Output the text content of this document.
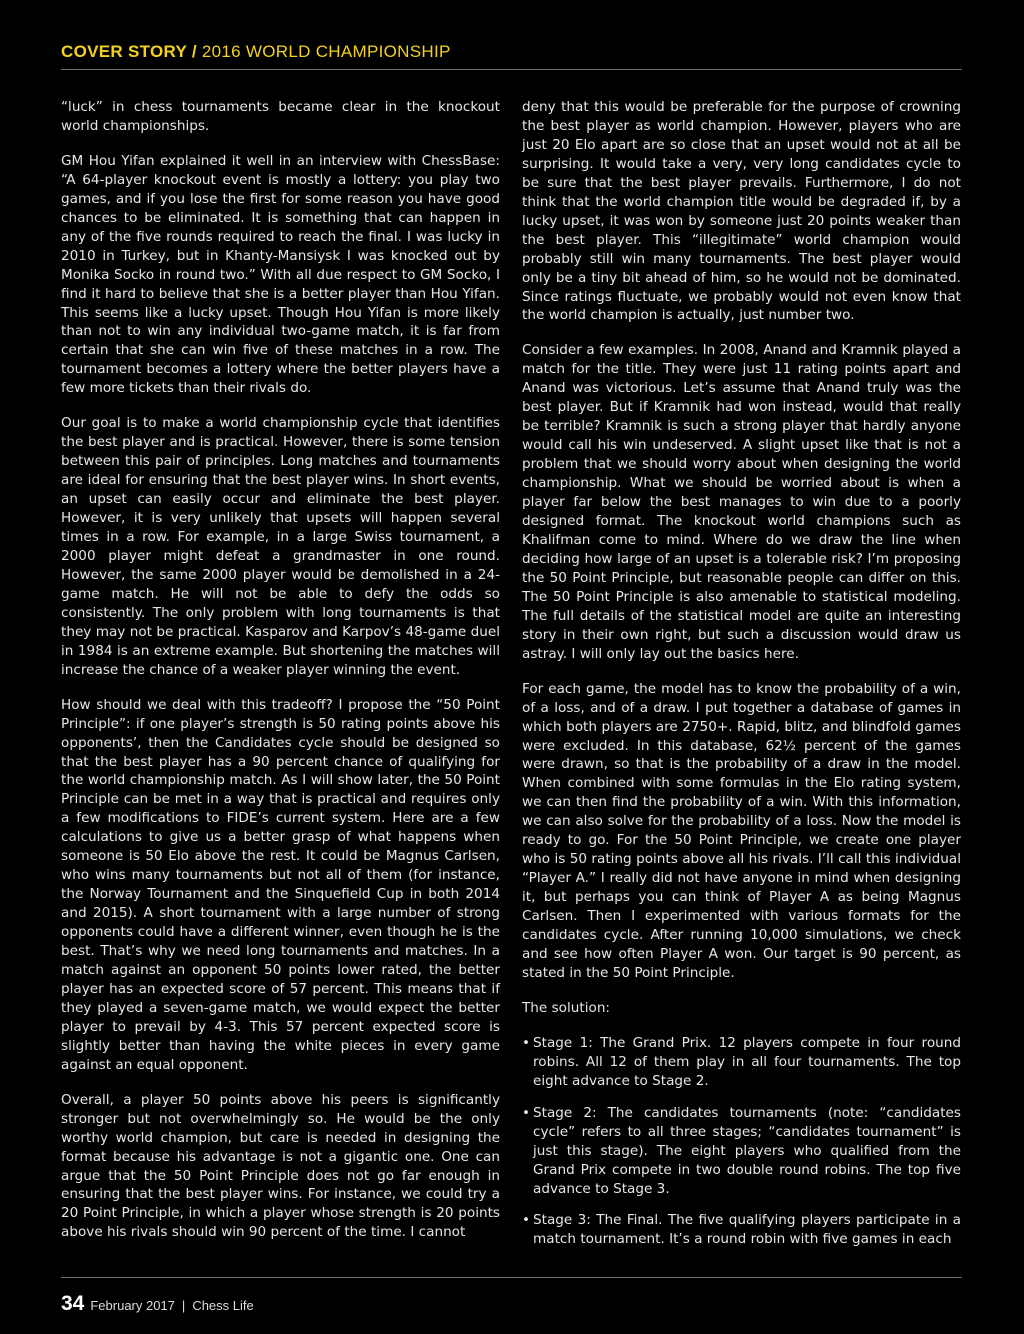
COVER STORY / 2016 WORLD CHAMPIONSHIP

“luck” in chess tournaments became clear in the knockout world championships.

GM Hou Yifan explained it well in an interview with ChessBase: “A 64-player knockout event is mostly a lottery: you play two games, and if you lose the first for some reason you have good chances to be eliminated. It is something that can happen in any of the five rounds required to reach the final. I was lucky in 2010 in Turkey, but in Khanty-Mansiysk I was knocked out by Monika Socko in round two.” With all due respect to GM Socko, I find it hard to believe that she is a better player than Hou Yifan. This seems like a lucky upset. Though Hou Yifan is more likely than not to win any individual two-game match, it is far from certain that she can win five of these matches in a row. The tournament becomes a lottery where the better players have a few more tickets than their rivals do.

Our goal is to make a world championship cycle that identifies the best player and is practical. However, there is some tension between this pair of principles. Long matches and tournaments are ideal for ensuring that the best player wins. In short events, an upset can easily occur and eliminate the best player. However, it is very unlikely that upsets will happen several times in a row. For example, in a large Swiss tournament, a 2000 player might defeat a grandmaster in one round. However, the same 2000 player would be demolished in a 24-game match. He will not be able to defy the odds so consistently. The only problem with long tournaments is that they may not be practical. Kasparov and Karpov’s 48-game duel in 1984 is an extreme example. But shortening the matches will increase the chance of a weaker player winning the event.

How should we deal with this tradeoff? I propose the “50 Point Principle”: if one player’s strength is 50 rating points above his opponents’, then the Candidates cycle should be designed so that the best player has a 90 percent chance of qualifying for the world championship match. As I will show later, the 50 Point Principle can be met in a way that is practical and requires only a few modifications to FIDE’s current system. Here are a few calculations to give us a better grasp of what happens when someone is 50 Elo above the rest. It could be Magnus Carlsen, who wins many tournaments but not all of them (for instance, the Norway Tournament and the Sinquefield Cup in both 2014 and 2015). A short tournament with a large number of strong opponents could have a different winner, even though he is the best. That’s why we need long tournaments and matches. In a match against an opponent 50 points lower rated, the better player has an expected score of 57 percent. This means that if they played a seven-game match, we would expect the better player to prevail by 4-3. This 57 percent expected score is slightly better than having the white pieces in every game against an equal opponent.

Overall, a player 50 points above his peers is significantly stronger but not overwhelmingly so. He would be the only worthy world champion, but care is needed in designing the format because his advantage is not a gigantic one. One can argue that the 50 Point Principle does not go far enough in ensuring that the best player wins. For instance, we could try a 20 Point Principle, in which a player whose strength is 20 points above his rivals should win 90 percent of the time. I cannot

deny that this would be preferable for the purpose of crowning the best player as world champion. However, players who are just 20 Elo apart are so close that an upset would not at all be surprising. It would take a very, very long candidates cycle to be sure that the best player prevails. Furthermore, I do not think that the world champion title would be degraded if, by a lucky upset, it was won by someone just 20 points weaker than the best player. This “illegitimate” world champion would probably still win many tournaments. The best player would only be a tiny bit ahead of him, so he would not be dominated. Since ratings fluctuate, we probably would not even know that the world champion is actually, just number two.

Consider a few examples. In 2008, Anand and Kramnik played a match for the title. They were just 11 rating points apart and Anand was victorious. Let’s assume that Anand truly was the best player. But if Kramnik had won instead, would that really be terrible? Kramnik is such a strong player that hardly anyone would call his win undeserved. A slight upset like that is not a problem that we should worry about when designing the world championship. What we should be worried about is when a player far below the best manages to win due to a poorly designed format. The knockout world champions such as Khalifman come to mind. Where do we draw the line when deciding how large of an upset is a tolerable risk? I’m proposing the 50 Point Principle, but reasonable people can differ on this. The 50 Point Principle is also amenable to statistical modeling. The full details of the statistical model are quite an interesting story in their own right, but such a discussion would draw us astray. I will only lay out the basics here.

For each game, the model has to know the probability of a win, of a loss, and of a draw. I put together a database of games in which both players are 2750+. Rapid, blitz, and blindfold games were excluded. In this database, 62½ percent of the games were drawn, so that is the probability of a draw in the model. When combined with some formulas in the Elo rating system, we can then find the probability of a win. With this information, we can also solve for the probability of a loss. Now the model is ready to go. For the 50 Point Principle, we create one player who is 50 rating points above all his rivals. I’ll call this individual “Player A.” I really did not have anyone in mind when designing it, but perhaps you can think of Player A as being Magnus Carlsen. Then I experimented with various formats for the candidates cycle. After running 10,000 simulations, we check and see how often Player A won. Our target is 90 percent, as stated in the 50 Point Principle.

The solution:

• Stage 1: The Grand Prix. 12 players compete in four round robins. All 12 of them play in all four tournaments. The top eight advance to Stage 2.
• Stage 2: The candidates tournaments (note: “candidates cycle” refers to all three stages; “candidates tournament” is just this stage). The eight players who qualified from the Grand Prix compete in two double round robins. The top five advance to Stage 3.
• Stage 3: The Final. The five qualifying players participate in a match tournament. It’s a round robin with five games in each
34 February 2017 | Chess Life
